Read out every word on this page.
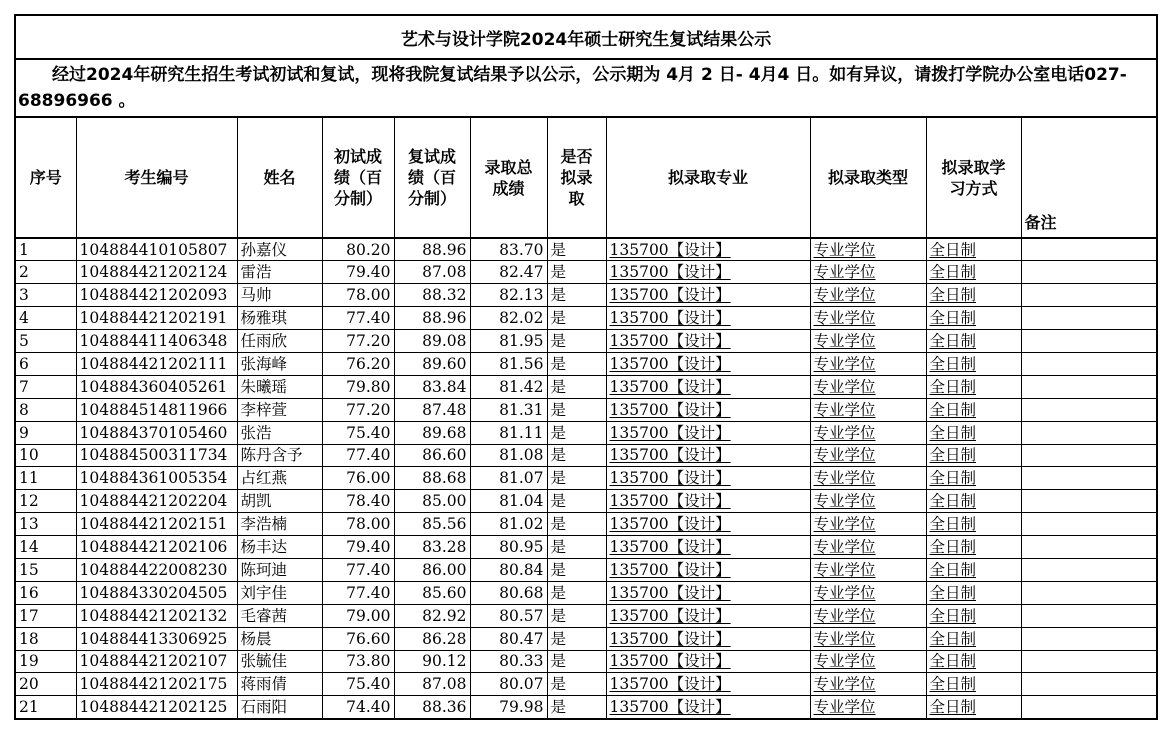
艺术与设计学院2024年硕士研究生复试结果公示										
经过2024年研究生招生考试初试和复试，现将我院复试结果予以公示，公示期为 4月 2 日- 4月4 日。如有异议，请拨打学院办公室电话027-68896966 。										
序号	考生编号	姓名	初试成绩（百分制）	复试成绩（百分制）	录取总成绩	是否拟录取	拟录取专业	拟录取类型	拟录取学习方式	备注
1	104884410105807	孙嘉仪	80.20	88.96	83.70	是	135700【设计】	专业学位	全日制	
2	104884421202124	雷浩	79.40	87.08	82.47	是	135700【设计】	专业学位	全日制	
3	104884421202093	马帅	78.00	88.32	82.13	是	135700【设计】	专业学位	全日制	
4	104884421202191	杨雅琪	77.40	88.96	82.02	是	135700【设计】	专业学位	全日制	
5	104884411406348	任雨欣	77.20	89.08	81.95	是	135700【设计】	专业学位	全日制	
6	104884421202111	张海峰	76.20	89.60	81.56	是	135700【设计】	专业学位	全日制	
7	104884360405261	朱曦瑶	79.80	83.84	81.42	是	135700【设计】	专业学位	全日制	
8	104884514811966	李梓萱	77.20	87.48	81.31	是	135700【设计】	专业学位	全日制	
9	104884370105460	张浩	75.40	89.68	81.11	是	135700【设计】	专业学位	全日制	
10	104884500311734	陈丹含予	77.40	86.60	81.08	是	135700【设计】	专业学位	全日制	
11	104884361005354	占红燕	76.00	88.68	81.07	是	135700【设计】	专业学位	全日制	
12	104884421202204	胡凯	78.40	85.00	81.04	是	135700【设计】	专业学位	全日制	
13	104884421202151	李浩楠	78.00	85.56	81.02	是	135700【设计】	专业学位	全日制	
14	104884421202106	杨丰达	79.40	83.28	80.95	是	135700【设计】	专业学位	全日制	
15	104884422008230	陈珂迪	77.40	86.00	80.84	是	135700【设计】	专业学位	全日制	
16	104884330204505	刘宇佳	77.40	85.60	80.68	是	135700【设计】	专业学位	全日制	
17	104884421202132	毛睿茜	79.00	82.92	80.57	是	135700【设计】	专业学位	全日制	
18	104884413306925	杨晨	76.60	86.28	80.47	是	135700【设计】	专业学位	全日制	
19	104884421202107	张毓佳	73.80	90.12	80.33	是	135700【设计】	专业学位	全日制	
20	104884421202175	蒋雨倩	75.40	87.08	80.07	是	135700【设计】	专业学位	全日制	
21	104884421202125	石雨阳	74.40	88.36	79.98	是	135700【设计】	专业学位	全日制	
